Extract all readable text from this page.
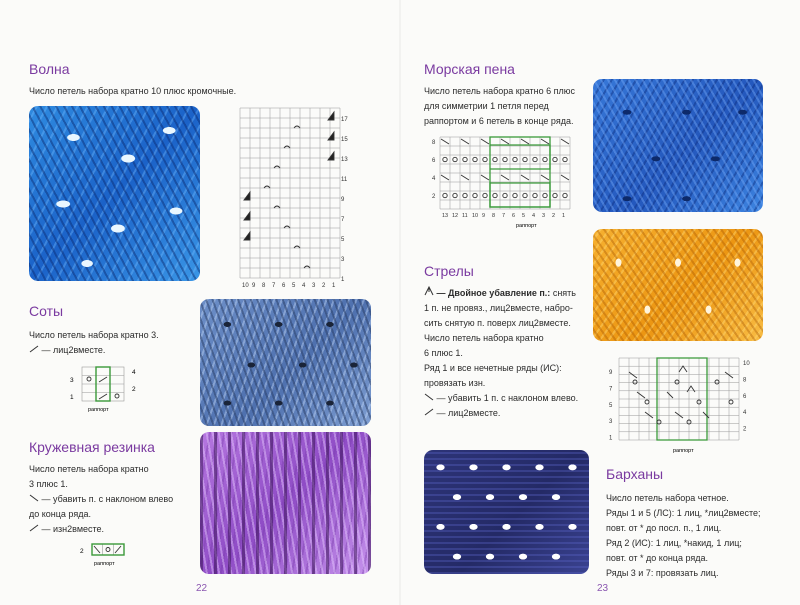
Волна

Число петель набора кратно 10 плюс кромочные.

17
15
13
11
9
7
5
3
1
10 9 8 7 6 5 4 3 2 1
Соты

Число петель набора кратно 3.

— лиц2вместе.

3
1
4
2
раппорт
Кружевная резинка

Число петель набора кратно

3 плюс 1.

— убавить п. с наклоном влево

до конца ряда.

— изн2вместе.

2
раппорт
22
Морская пена

Число петель набора кратно 6 плюс

для симметрии 1 петля перед

раппортом и 6 петель в конце ряда.

8
6
4
2
13 12 11 10 9 8 7 6 5 4 3 2 1
раппорт
Стрелы

— Двойное убавление п.: снять

1 п. не провяз., лиц2вместе, набро-

сить снятую п. поверх лиц2вместе.

Число петель набора кратно

6 плюс 1.

Ряд 1 и все нечетные ряды (ИС):

провязать изн.

— убавить 1 п. с наклоном влево.

— лиц2вместе.

9
7
5
3
1
10
8
6
4
2
раппорт
Барханы

Число петель набора четное.

Ряды 1 и 5 (ЛС): 1 лиц, *лиц2вместе;

повт. от * до посл. п., 1 лиц.

Ряд 2 (ИС): 1 лиц, *накид, 1 лиц;

повт. от * до конца ряда.

Ряды 3 и 7: провязать лиц.

23
